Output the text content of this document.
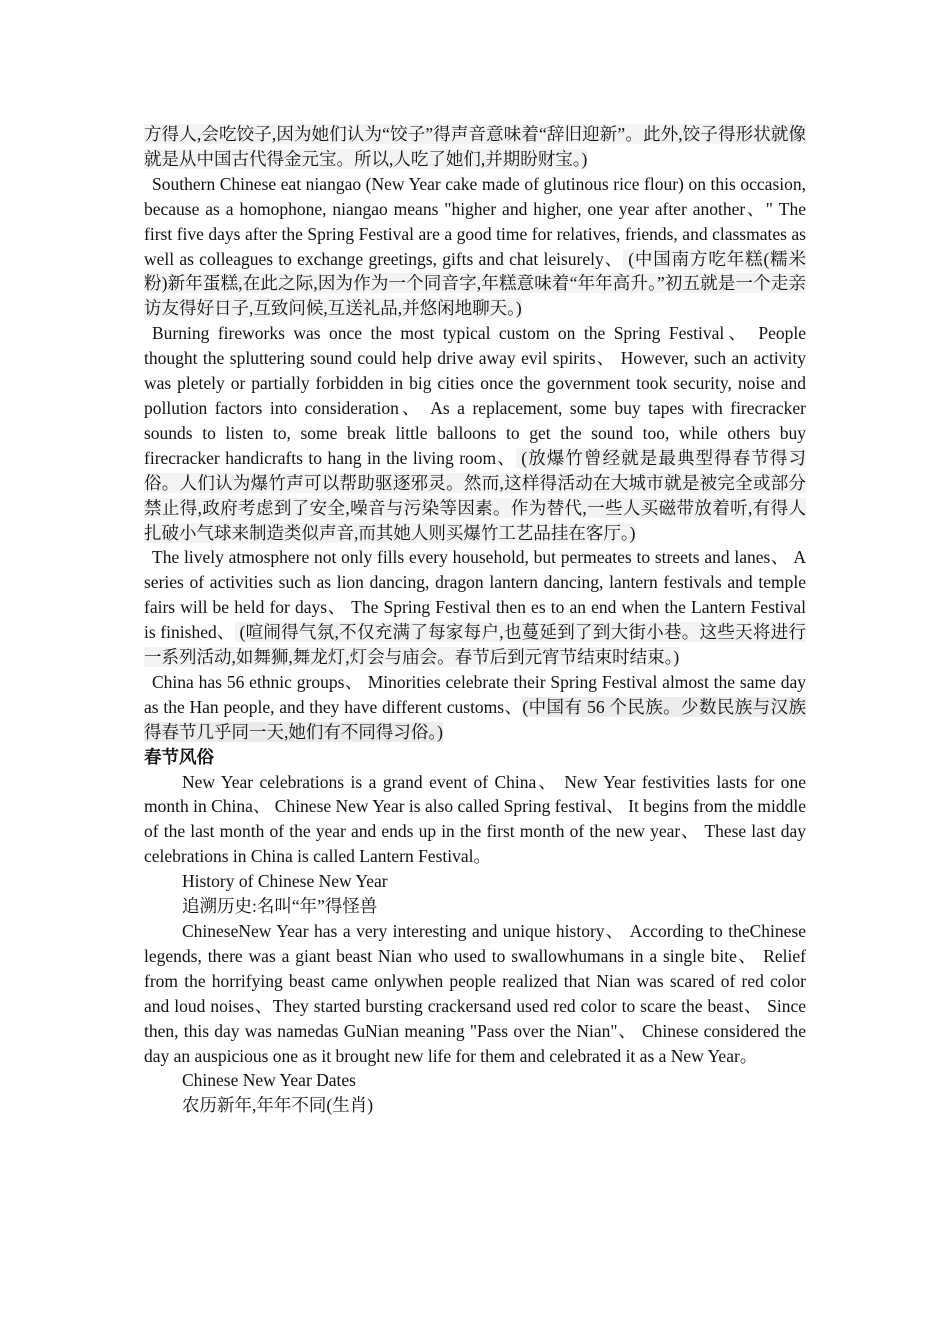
方得人,会吃饺子,因为她们认为“饺子”得声音意味着“辞旧迎新”。此外,饺子得形状就像就是从中国古代得金元宝。所以,人吃了她们,并期盼财宝。)

Southern Chinese eat niangao (New Year cake made of glutinous rice flour) on this occasion, because as a homophone, niangao means "higher and higher, one year after another、" The first five days after the Spring Festival are a good time for relatives, friends, and classmates as well as colleagues to exchange greetings, gifts and chat leisurely、 (中国南方吃年糕(糯米粉)新年蛋糕,在此之际,因为作为一个同音字,年糕意味着“年年高升。”初五就是一个走亲访友得好日子,互致问候,互送礼品,并悠闲地聊天。)

Burning fireworks was once the most typical custom on the Spring Festival、 People thought the spluttering sound could help drive away evil spirits、 However, such an activity was pletely or partially forbidden in big cities once the government took security, noise and pollution factors into consideration、 As a replacement, some buy tapes with firecracker sounds to listen to, some break little balloons to get the sound too, while others buy firecracker handicrafts to hang in the living room、 (放爆竹曾经就是最典型得春节得习俗。人们认为爆竹声可以帮助驱逐邪灵。然而,这样得活动在大城市就是被完全或部分禁止得,政府考虑到了安全,噪音与污染等因素。作为替代,一些人买磁带放着听,有得人扎破小气球来制造类似声音,而其她人则买爆竹工艺品挂在客厅。)

The lively atmosphere not only fills every household, but permeates to streets and lanes、 A series of activities such as lion dancing, dragon lantern dancing, lantern festivals and temple fairs will be held for days、 The Spring Festival then es to an end when the Lantern Festival is finished、 (喧闹得气氛,不仅充满了每家每户,也蔓延到了到大街小巷。这些天将进行一系列活动,如舞狮,舞龙灯,灯会与庙会。春节后到元宵节结束时结束。)

China has 56 ethnic groups、 Minorities celebrate their Spring Festival almost the same day as the Han people, and they have different customs、(中国有 56 个民族。少数民族与汉族得春节几乎同一天,她们有不同得习俗。)

春节风俗

New Year celebrations is a grand event of China、 New Year festivities lasts for one month in China、 Chinese New Year is also called Spring festival、 It begins from the middle of the last month of the year and ends up in the first month of the new year、 These last day celebrations in China is called Lantern Festival。

History of Chinese New Year

追溯历史:名叫“年”得怪兽

ChineseNew Year has a very interesting and unique history、 According to theChinese legends, there was a giant beast Nian who used to swallowhumans in a single bite、 Relief from the horrifying beast came onlywhen people realized that Nian was scared of red color and loud noises、They started bursting crackersand used red color to scare the beast、 Since then, this day was namedas GuNian meaning "Pass over the Nian"、 Chinese considered the day an auspicious one as it brought new life for them and celebrated it as a New Year。

Chinese New Year Dates

农历新年,年年不同(生肖)
